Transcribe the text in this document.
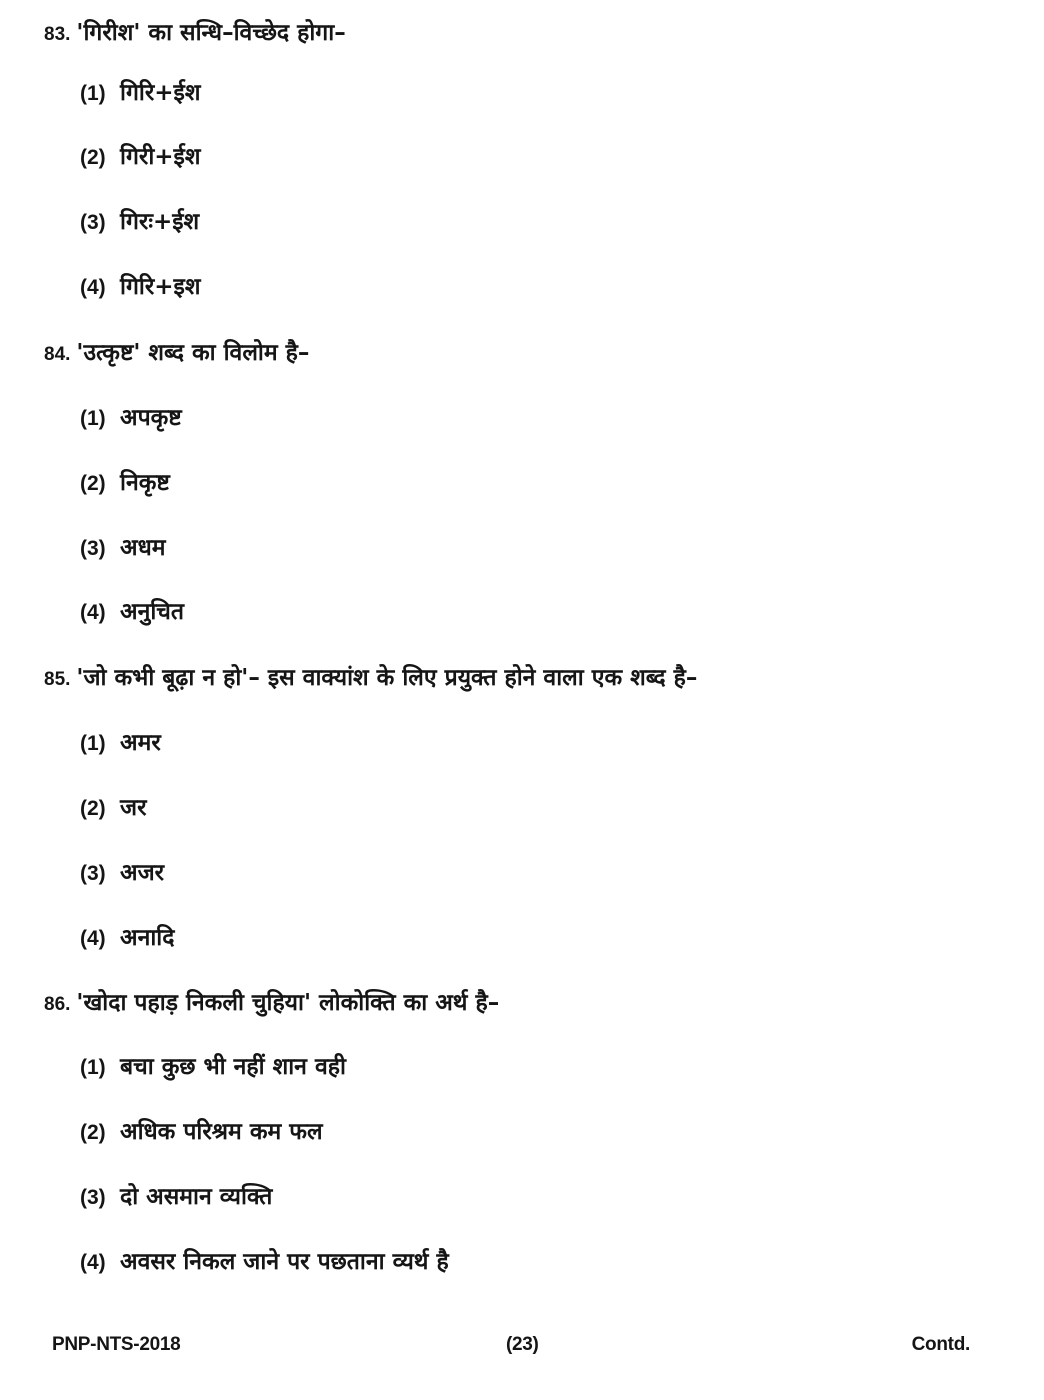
83. 'गिरीश' का सन्धि–विच्छेद होगा–
(1) गिरि+ईश
(2) गिरी+ईश
(3) गिरः+ईश
(4) गिरि+इश
84. 'उत्कृष्ट' शब्द का विलोम है–
(1) अपकृष्ट
(2) निकृष्ट
(3) अधम
(4) अनुचित
85. 'जो कभी बूढ़ा न हो'– इस वाक्यांश के लिए प्रयुक्त होने वाला एक शब्द है–
(1) अमर
(2) जर
(3) अजर
(4) अनादि
86. 'खोदा पहाड़ निकली चुहिया' लोकोक्ति का अर्थ है–
(1) बचा कुछ भी नहीं शान वही
(2) अधिक परिश्रम कम फल
(3) दो असमान व्यक्ति
(4) अवसर निकल जाने पर पछताना व्यर्थ है
PNP-NTS-2018	(23)	Contd.
